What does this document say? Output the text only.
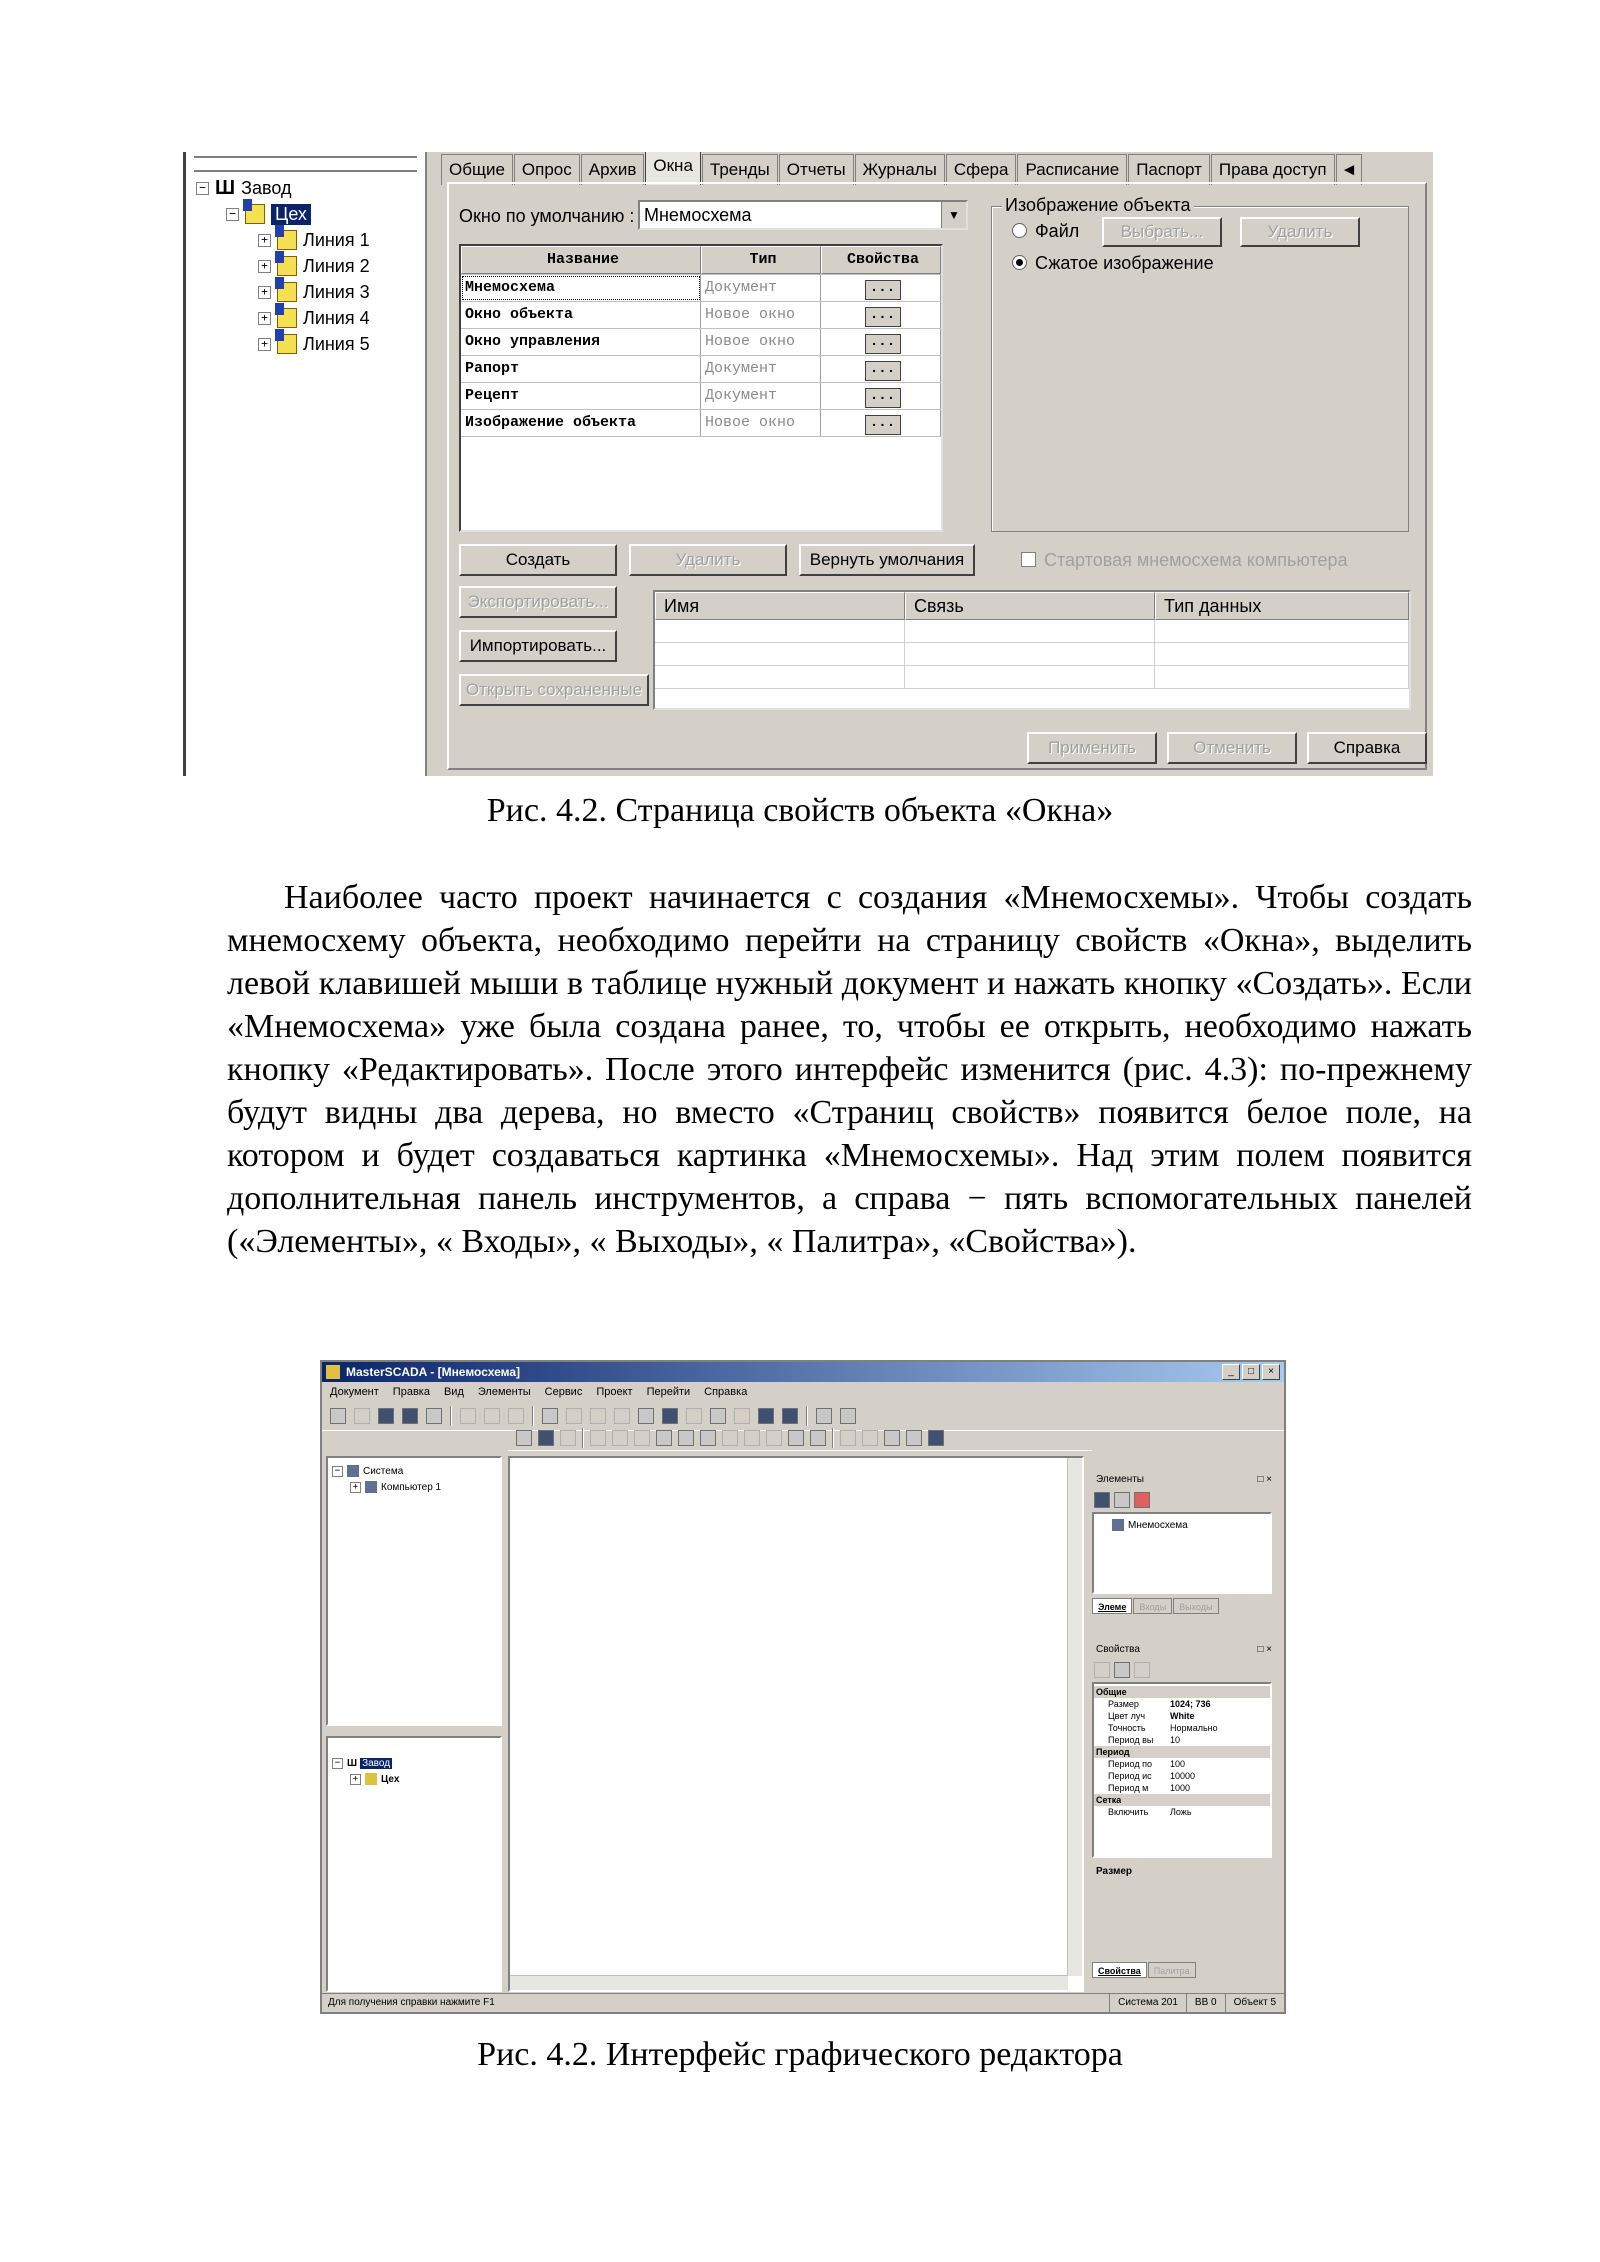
− Ш Завод
− Цех
+ Линия 1
+ Линия 2
+ Линия 3
+ Линия 4
+ Линия 5
Общие	Опрос	Архив	Окна	Тренды	Отчеты	Журналы	Сфера	Расписание	Паспорт	Права доступ ◄
Окно по умолчанию : Мнемосхема	▼
Название	Тип	Свойства
Мнемосхема	Документ	...
Окно объекта	Новое окно	...
Окно управления	Новое окно	...
Рапорт	Документ	...
Рецепт	Документ	...
Изображение объекта	Новое окно	...
Изображение объекта
Файл	Выбрать...	Удалить
Сжатое изображение
Создать	Удалить	Вернуть умолчания	Стартовая мнемосхема компьютера
Экспортировать...
Импортировать...
Открыть сохраненные
Имя	Связь	Тип данных
Применить	Отменить	Справка
Рис. 4.2. Страница свойств объекта «Окна»
Наиболее часто проект начинается с создания «Мнемосхемы». Чтобы создать мнемосхему объекта, необходимо перейти на страницу свойств «Окна», выделить левой клавишей мыши в таблице нужный документ и нажать кнопку «Создать». Если «Мнемосхема» уже была создана ранее, то, чтобы ее открыть, необходимо нажать кнопку «Редактировать». После этого интерфейс изменится (рис. 4.3): по-прежнему будут видны два дерева, но вместо «Страниц свойств» появится белое поле, на котором и будет создаваться картинка «Мнемосхемы». Над этим полем появится дополнительная панель инструментов, а справа − пять вспомогательных панелей («Элементы», « Входы», « Выходы», « Палитра», «Свойства»).
MasterSCADA - [Мнемосхема]	_	□	×
Документ Правка Вид Элементы Сервис Проект Перейти Справка
− Система
+ Компьютер 1
− Ш Завод
+ Цех
Элементы	□ ×
Мнемосхема
Элеме	Входы	Выходы
Свойства	□ ×
Общие
Размер	1024; 736
Цвет луч	White
Точность	Нормально
Период вы	10
Период
Период по	100
Период ис	10000
Период м	1000
Сетка
Включить	Ложь
Размер
Свойства	Палитра
Для получения справки нажмите F1	Система 201	ВВ 0	Объект 5
Рис. 4.2. Интерфейс графического редактора
